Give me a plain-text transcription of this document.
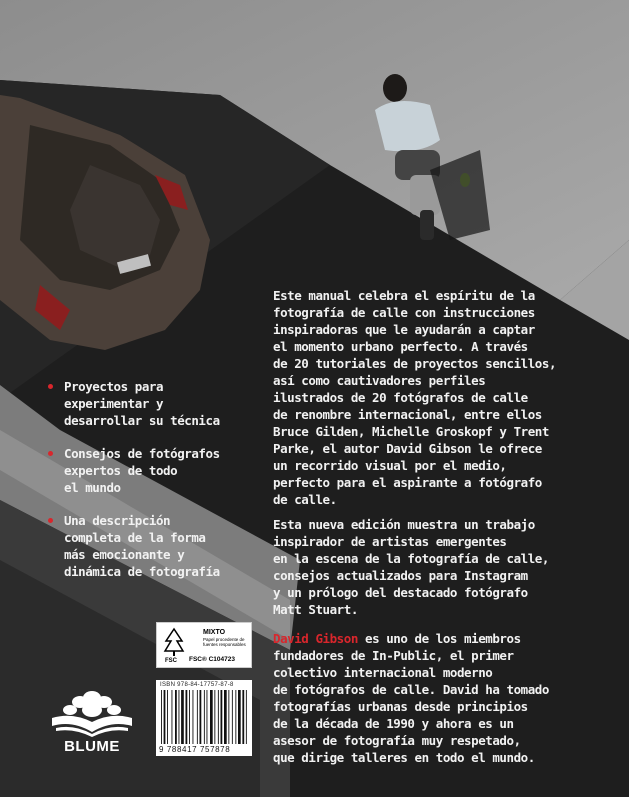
Este manual celebra el espíritu de la
fotografía de calle con instrucciones
inspiradoras que le ayudarán a captar
el momento urbano perfecto. A través
de 20 tutoriales de proyectos sencillos,
así como cautivadores perfiles
ilustrados de 20 fotógrafos de calle
de renombre internacional, entre ellos
Bruce Gilden, Michelle Groskopf y Trent
Parke, el autor David Gibson le ofrece
un recorrido visual por el medio,
perfecto para el aspirante a fotógrafo
de calle.
Esta nueva edición muestra un trabajo
inspirador de artistas emergentes
en la escena de la fotografía de calle,
consejos actualizados para Instagram
y un prólogo del destacado fotógrafo
Matt Stuart.
David Gibson es uno de los miembros
fundadores de In-Public, el primer
colectivo internacional moderno
de fotógrafos de calle. David ha tomado
fotografías urbanas desde principios
de la década de 1990 y ahora es un
asesor de fotografía muy respetado,
que dirige talleres en todo el mundo.
Proyectos para
experimentar y
desarrollar su técnica
Consejos de fotógrafos
expertos de todo
el mundo
Una descripción
completa de la forma
más emocionante y
dinámica de fotografía
FSC
MIXTO
Papel procedente de
fuentes responsables
FSC® C104723
ISBN 978-84-17757-87-8
9 788417 757878
BLUME
